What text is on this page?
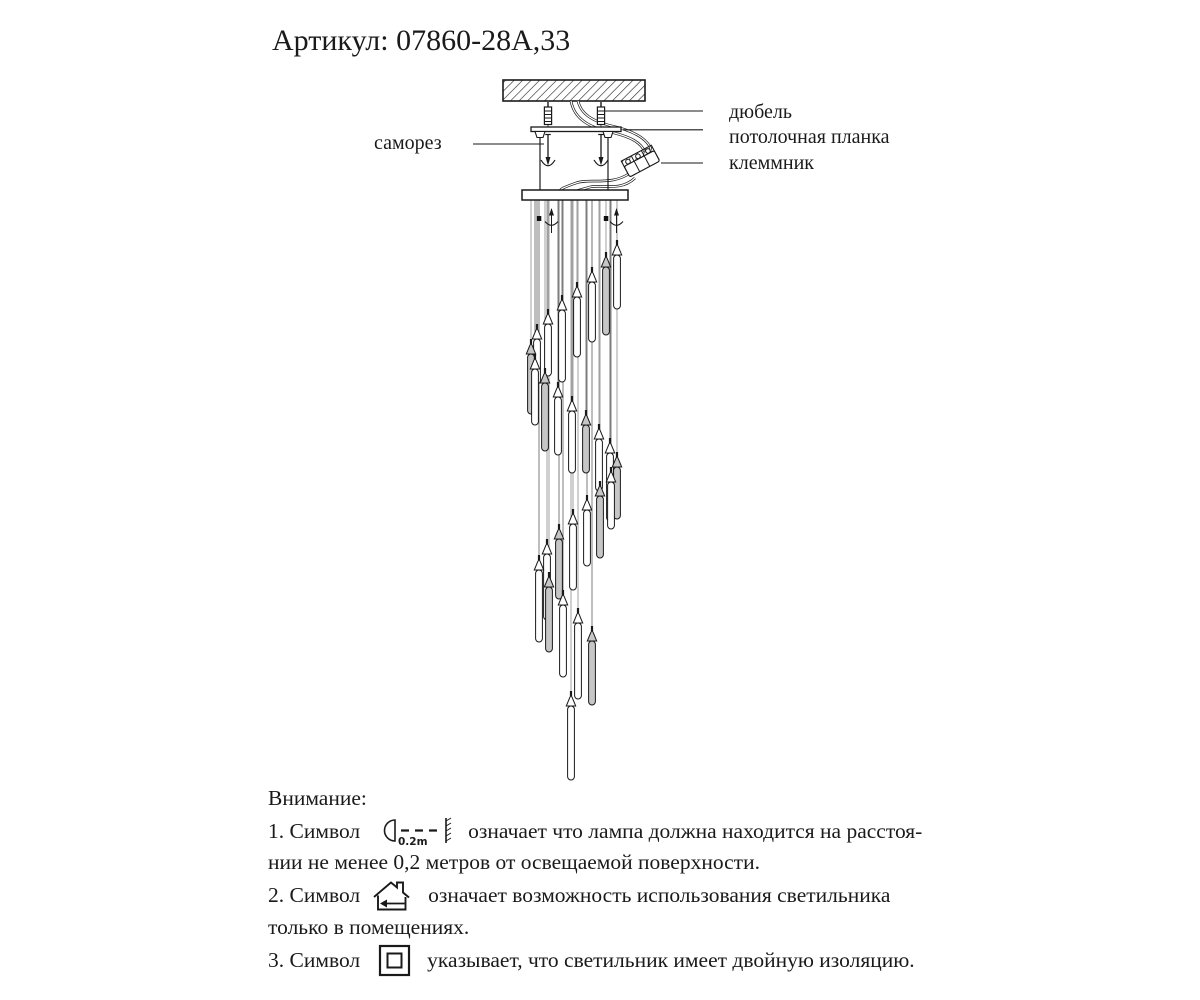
Артикул: 07860-28А,33
саморез
дюбель
потолочная планка
клеммник
Внимание:
1. Символ	0.2m означает что лампа должна находится на расстоя-
нии не менее 0,2 метров от освещаемой поверхности.
2. Символ	означает возможность использования светильника
только в помещениях.
3. Символ	указывает, что светильник имеет двойную изоляцию.
